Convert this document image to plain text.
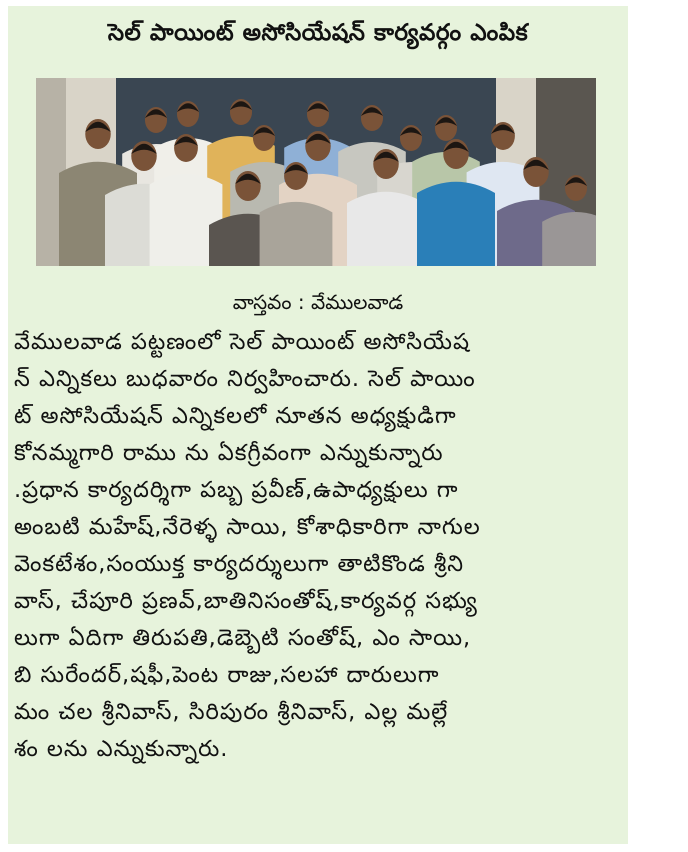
సెల్ పాయింట్ అసోసియేషన్ కార్యవర్గం ఎంపిక
వాస్తవం : వేములవాడ
వేములవాడ పట్టణంలో సెల్ పాయింట్ అసోసియేష
న్ ఎన్నికలు బుధవారం నిర్వహించారు. సెల్ పాయిం
ట్ అసోసియేషన్ ఎన్నికలలో నూతన అధ్యక్షుడిగా
కోనమ్మగారి రాము ను ఏకగ్రీవంగా ఎన్నుకున్నారు
.ప్రధాన కార్యదర్శిగా పబ్బ ప్రవీణ్,ఉపాధ్యక్షులు గా
అంబటి మహేష్,నేరెళ్ళ సాయి, కోశాధికారిగా నాగుల
వెంకటేశం,సంయుక్త కార్యదర్శులుగా తాటికొండ శ్రీని
వాస్, చేపూరి ప్రణవ్,బాతినిసంతోష్,కార్యవర్గ సభ్యు
లుగా ఏదిగా తిరుపతి,డెబ్బెటి సంతోష్, ఎం సాయి,
బి సురేందర్,షఫీ,పెంట రాజు,సలహా దారులుగా
మం చల శ్రీనివాస్, సిరిపురం శ్రీనివాస్, ఎల్ల మల్లే
శం లను ఎన్నుకున్నారు.
